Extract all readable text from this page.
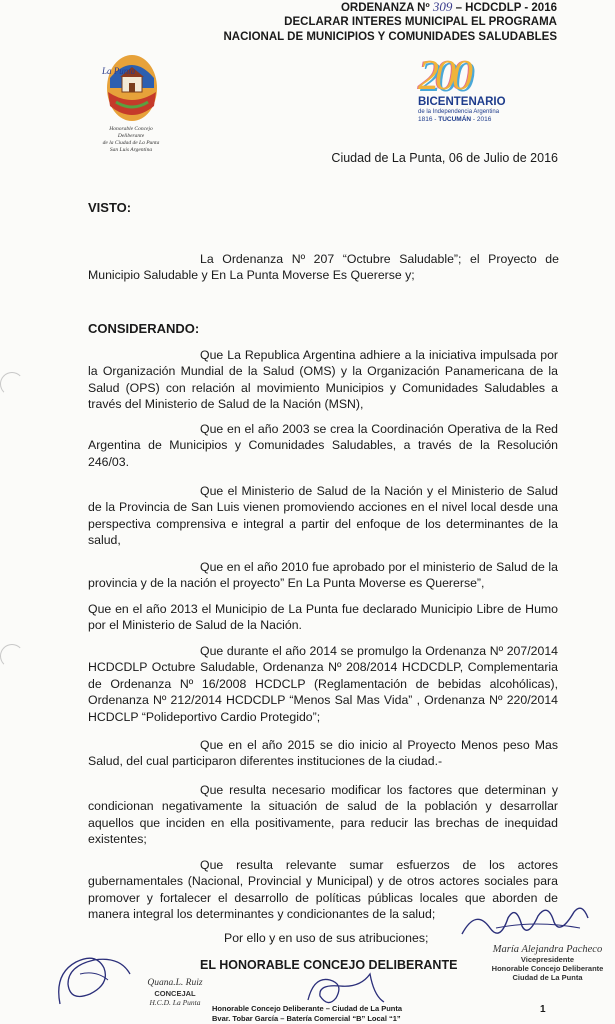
ORDENANZA Nº 309 – HCDCDLP - 2016
DECLARAR INTERES MUNICIPAL EL PROGRAMA
NACIONAL DE MUNICIPIOS Y COMUNIDADES SALUDABLES
La Punta
Honorable Concejo Deliberante
de la Ciudad de La Punta
San Luis Argentina
200
BICENTENARIO
de la Independencia Argentina
1816 - TUCUMÁN - 2016
Ciudad de La Punta, 06 de Julio de 2016
VISTO:

La Ordenanza Nº 207 “Octubre Saludable”; el Proyecto de Municipio Saludable y En La Punta Moverse Es Quererse y;

CONSIDERANDO:

Que La Republica Argentina adhiere a la iniciativa impulsada por la Organización Mundial de la Salud (OMS) y la Organización Panamericana de la Salud (OPS) con relación al movimiento Municipios y Comunidades Saludables a través del Ministerio de Salud de la Nación (MSN),

Que en el año 2003 se crea la Coordinación Operativa de la Red Argentina de Municipios y Comunidades Saludables, a través de la Resolución 246/03.

Que el Ministerio de Salud de la Nación y el Ministerio de Salud de la Provincia de San Luis vienen promoviendo acciones en el nivel local desde una perspectiva comprensiva e integral a partir del enfoque de los determinantes de la salud,

Que en el año 2010 fue aprobado por el ministerio de Salud de la provincia y de la nación el proyecto” En La Punta Moverse es Quererse”,

Que en el año 2013 el Municipio de La Punta fue declarado Municipio Libre de Humo por el Ministerio de Salud de la Nación.

Que durante el año 2014 se promulgo la Ordenanza Nº 207/2014 HCDCDLP Octubre Saludable, Ordenanza Nº 208/2014 HCDCDLP, Complementaria de Ordenanza Nº 16/2008 HCDCLP (Reglamentación de bebidas alcohólicas), Ordenanza Nº 212/2014 HCDCDLP “Menos Sal Mas Vida” , Ordenanza Nº 220/2014 HCDCLP “Polideportivo Cardio Protegido”;

Que en el año 2015 se dio inicio al Proyecto Menos peso Mas Salud, del cual participaron diferentes instituciones de la ciudad.-

Que resulta necesario modificar los factores que determinan y condicionan negativamente la situación de salud de la población y desarrollar aquellos que inciden en ella positivamente, para reducir las brechas de inequidad existentes;

Que resulta relevante sumar esfuerzos de los actores gubernamentales (Nacional, Provincial y Municipal) y de otros actores sociales para promover y fortalecer el desarrollo de políticas públicas locales que aborden de manera integral los determinantes y condicionantes de la salud;

Por ello y en uso de sus atribuciones;
EL HONORABLE CONCEJO DELIBERANTE
María Alejandra Pacheco
Vicepresidente
Honorable Concejo Deliberante
Ciudad de La Punta
Quana.L. Ruiz
CONCEJAL
H.C.D. La Punta
Honorable Concejo Deliberante – Ciudad de La Punta
Bvar. Tobar García – Batería Comercial “B” Local “1”
1
